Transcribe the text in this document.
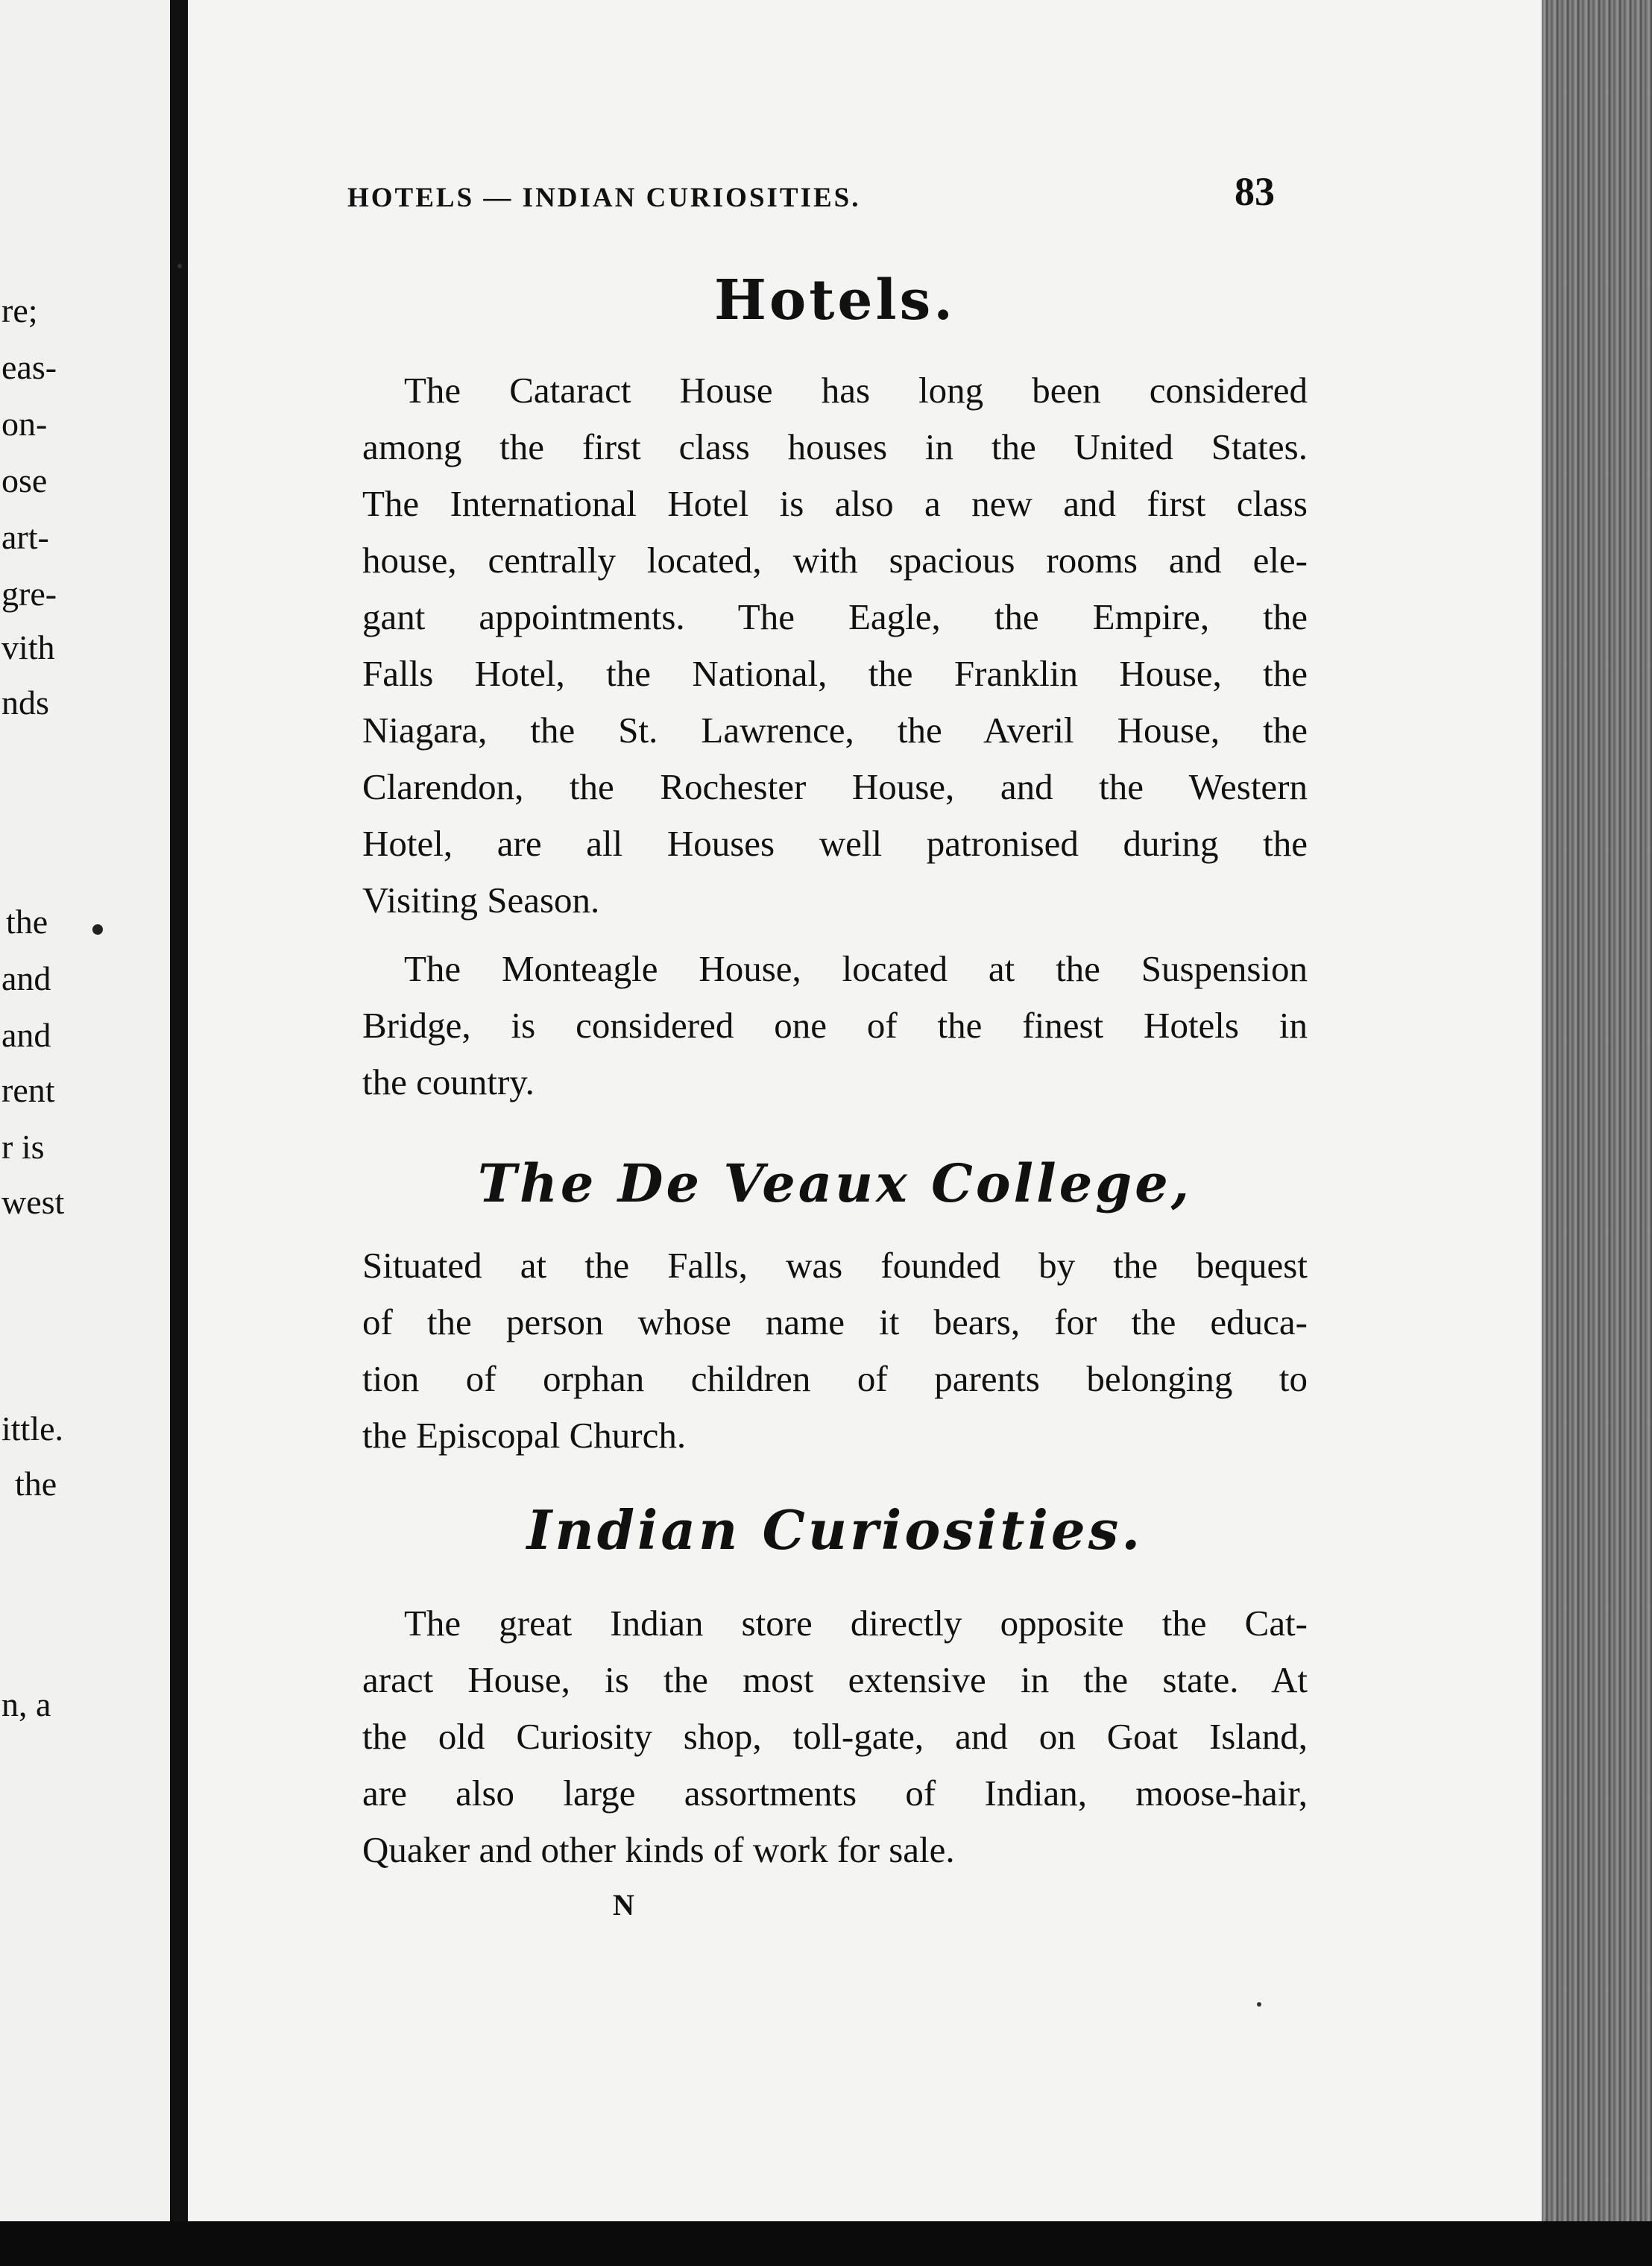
re;
eas-
on-
ose
art-
gre-
vith
nds
the
and
and
rent
r is
west
ittle.
the
n, a
HOTELS — INDIAN CURIOSITIES.	83
Hotels.
The Cataract House has long been considered
among the first class houses in the United States.
The International Hotel is also a new and first class
house, centrally located, with spacious rooms and ele-
gant appointments. The Eagle, the Empire, the
Falls Hotel, the National, the Franklin House, the
Niagara, the St. Lawrence, the Averil House, the
Clarendon, the Rochester House, and the Western
Hotel, are all Houses well patronised during the
Visiting Season.
The Monteagle House, located at the Suspension
Bridge, is considered one of the finest Hotels in
the country.
The De Veaux College,
Situated at the Falls, was founded by the bequest
of the person whose name it bears, for the educa-
tion of orphan children of parents belonging to
the Episcopal Church.
Indian Curiosities.
The great Indian store directly opposite the Cat-
aract House, is the most extensive in the state. At
the old Curiosity shop, toll-gate, and on Goat Island,
are also large assortments of Indian, moose-hair,
Quaker and other kinds of work for sale.
N
